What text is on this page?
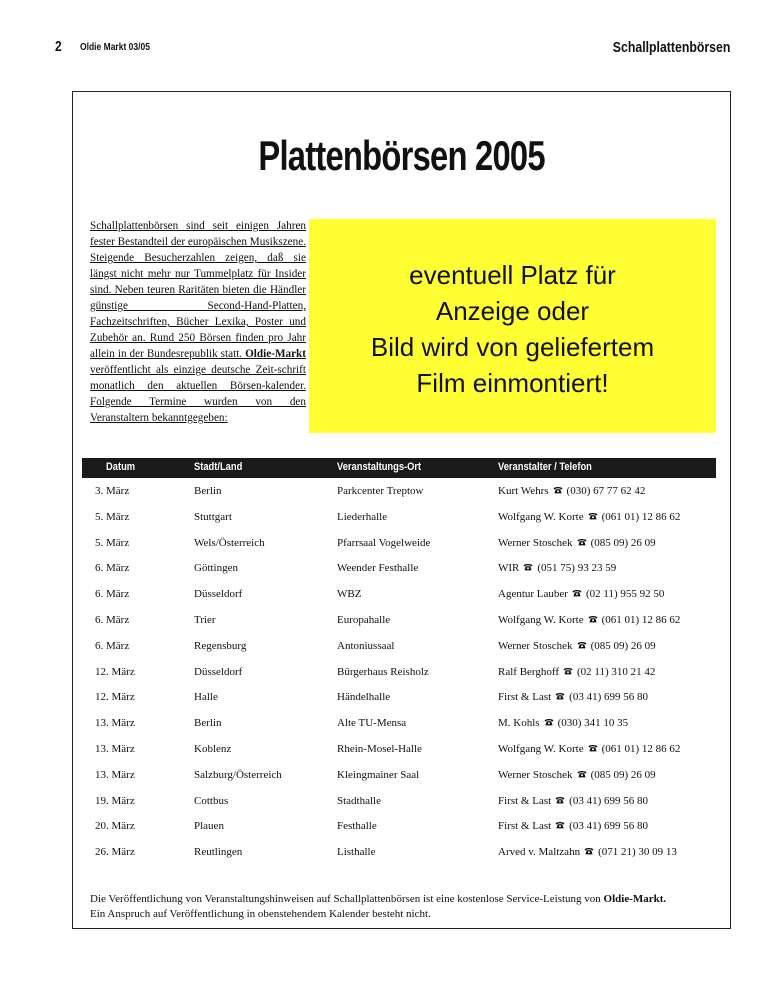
2 Oldie Markt 03/05	Schallplattenbörsen
Plattenbörsen 2005
Schallplattenbörsen sind seit einigen Jahren fester Bestandteil der europäischen Musikszene. Steigende Besucherzahlen zeigen, daß sie längst nicht mehr nur Tummelplatz für Insider sind. Neben teuren Raritäten bieten die Händler günstige Second-Hand-Platten, Fachzeitschriften, Bücher Lexika, Poster und Zubehör an. Rund 250 Börsen finden pro Jahr allein in der Bundesrepublik statt. Oldie-Markt veröffentlicht als einzige deutsche Zeit-schrift monatlich den aktuellen Börsen-kalender. Folgende Termine wurden von den Veranstaltern bekanntgegeben:
eventuell Platz für
Anzeige oder
Bild wird von geliefertem
Film einmontiert!
Datum	Stadt/Land	Veranstaltungs-Ort	Veranstalter / Telefon
3. März	Berlin	Parkcenter Treptow	Kurt Wehrs (030) 67 77 62 42
5. März	Stuttgart	Liederhalle	Wolfgang W. Korte (061 01) 12 86 62
5. März	Wels/Österreich	Pfarrsaal Vogelweide	Werner Stoschek (085 09) 26 09
6. März	Göttingen	Weender Festhalle	WIR (051 75) 93 23 59
6. März	Düsseldorf	WBZ	Agentur Lauber (02 11) 955 92 50
6. März	Trier	Europahalle	Wolfgang W. Korte (061 01) 12 86 62
6. März	Regensburg	Antoniussaal	Werner Stoschek (085 09) 26 09
12. März	Düsseldorf	Bürgerhaus Reisholz	Ralf Berghoff (02 11) 310 21 42
12. März	Halle	Händelhalle	First & Last (03 41) 699 56 80
13. März	Berlin	Alte TU-Mensa	M. Kohls (030) 341 10 35
13. März	Koblenz	Rhein-Mosel-Halle	Wolfgang W. Korte (061 01) 12 86 62
13. März	Salzburg/Österreich	Kleingmainer Saal	Werner Stoschek (085 09) 26 09
19. März	Cottbus	Stadthalle	First & Last (03 41) 699 56 80
20. März	Plauen	Festhalle	First & Last (03 41) 699 56 80
26. März	Reutlingen	Listhalle	Arved v. Maltzahn (071 21) 30 09 13
Die Veröffentlichung von Veranstaltungshinweisen auf Schallplattenbörsen ist eine kostenlose Service-Leistung von Oldie-Markt.
Ein Anspruch auf Veröffentlichung in obenstehendem Kalender besteht nicht.
